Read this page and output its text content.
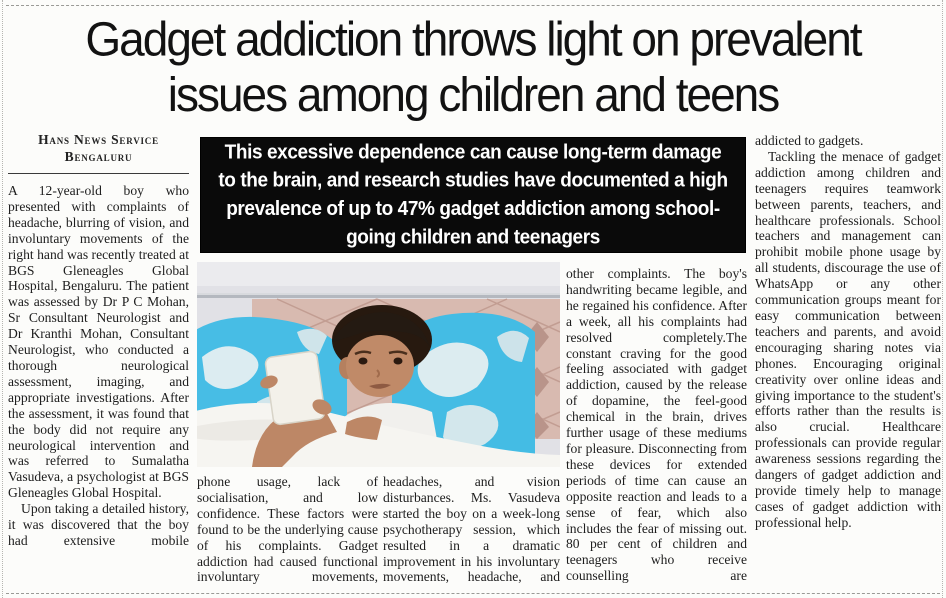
Gadget addiction throws light on prevalent
issues among children and teens
Hans News Service
Bengaluru	This excessive dependence can cause long-term damage to the brain, and research studies have documented a high prevalence of up to 47% gadget addiction among school-going children and teenagers

A 12-year-old boy who presented with complaints of headache, blurring of vision, and involuntary movements of the right hand was recently treated at BGS Gleneagles Global Hospital, Bengaluru. The patient was assessed by Dr P C Mohan, Sr Consultant Neurologist and Dr Kranthi Mohan, Consultant Neurologist, who conducted a thorough neurological assessment, imaging, and appropriate investigations. After the assessment, it was found that the body did not require any neurological intervention and was referred to Sumalatha Vasudeva, a psychologist at BGS Gleneagles Global Hospital.

Upon taking a detailed history, it was discovered that the boy had extensive mobile

phone usage, lack of socialisation, and low confidence. These factors were found to be the underlying cause of his complaints. Gadget addiction had caused functional involuntary movements,

headaches, and vision disturbances. Ms. Vasudeva started the boy on a week-long psychotherapy session, which resulted in a dramatic improvement in his involuntary movements, headache, and

other complaints. The boy's handwriting became legible, and he regained his confidence. After a week, all his complaints had resolved completely.The constant craving for the good feeling associated with gadget addiction, caused by the release of dopamine, the feel-good chemical in the brain, drives further usage of these mediums for pleasure. Disconnecting from these devices for extended periods of time can cause an opposite reaction and leads to a sense of fear, which also includes the fear of missing out. 80 per cent of children and teenagers who receive counselling are

addicted to gadgets.

Tackling the menace of gadget addiction among children and teenagers requires teamwork between parents, teachers, and healthcare professionals. School teachers and management can prohibit mobile phone usage by all students, discourage the use of WhatsApp or any other communication groups meant for easy communication between teachers and parents, and avoid encouraging sharing notes via phones. Encouraging original creativity over online ideas and giving importance to the student's efforts rather than the results is also crucial. Healthcare professionals can provide regular awareness sessions regarding the dangers of gadget addiction and provide timely help to manage cases of gadget addiction with professional help.
